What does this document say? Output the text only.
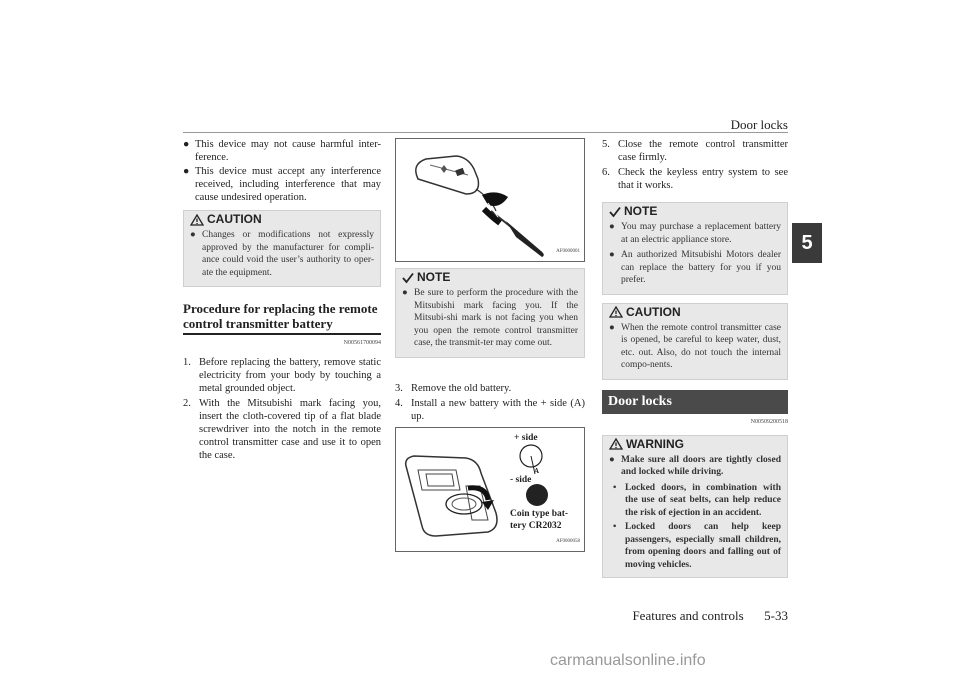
Door locks
5
● This device may not cause harmful inter-ference.
● This device must accept any interference received, including interference that may cause undesired operation.
CAUTION
● Changes or modifications not expressly approved by the manufacturer for compli-ance could void the user’s authority to oper-ate the equipment.
Procedure for replacing the remote control transmitter battery
N00561700094
1. Before replacing the battery, remove static electricity from your body by touching a metal grounded object.
2. With the Mitsubishi mark facing you, insert the cloth-covered tip of a flat blade screwdriver into the notch in the remote control transmitter case and use it to open the case.
AF0000001
NOTE
● Be sure to perform the procedure with the Mitsubishi mark facing you. If the Mitsubi-shi mark is not facing you when you open the remote control transmitter case, the transmit-ter may come out.
3. Remove the old battery.
4. Install a new battery with the + side (A) up.
+ side
A
- side
Coin type bat-
tery CR2032
AF0000058
5. Close the remote control transmitter case firmly.
6. Check the keyless entry system to see that it works.
NOTE
● You may purchase a replacement battery at an electric appliance store.
● An authorized Mitsubishi Motors dealer can replace the battery for you if you prefer.
CAUTION
● When the remote control transmitter case is opened, be careful to keep water, dust, etc. out. Also, do not touch the internal compo-nents.
Door locks
N00509200518
WARNING
● Make sure all doors are tightly closed and locked while driving.
• Locked doors, in combination with the use of seat belts, can help reduce the risk of ejection in an accident.
• Locked doors can help keep passengers, especially small children, from opening doors and falling out of moving vehicles.
Features and controls 5-33
carmanualsonline.info
